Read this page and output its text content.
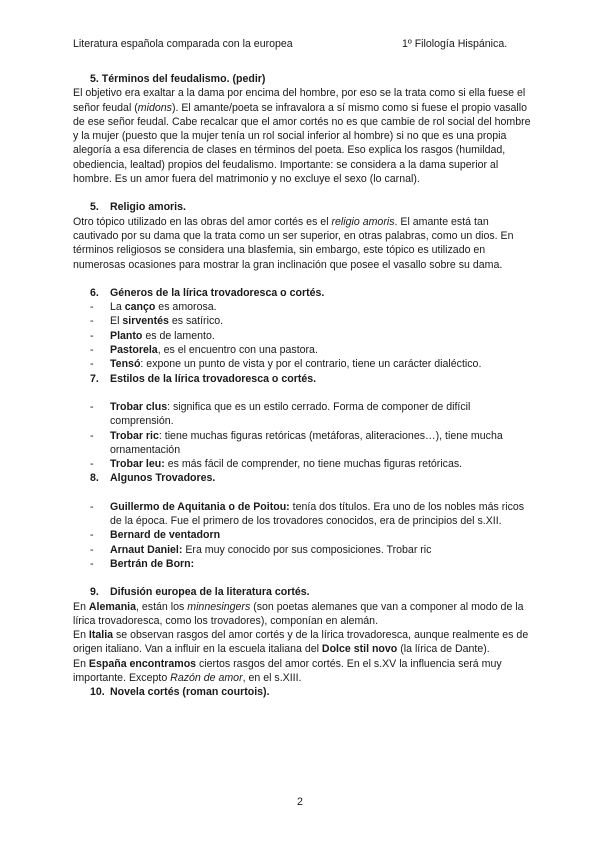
Literatura española comparada con la europea	1º Filología Hispánica.

5. Términos del feudalismo. (pedir)

El objetivo era exaltar a la dama por encima del hombre, por eso se la trata como si ella fuese el señor feudal (midons). El amante/poeta se infravalora a sí mismo como si fuese el propio vasallo de ese señor feudal. Cabe recalcar que el amor cortés no es que cambie de rol social del hombre y la mujer (puesto que la mujer tenía un rol social inferior al hombre) si no que es una propia alegoría a esa diferencia de clases en términos del poeta. Eso explica los rasgos (humildad, obediencia, lealtad) propios del feudalismo. Importante: se considera a la dama superior al hombre. Es un amor fuera del matrimonio y no excluye el sexo (lo carnal).

5. Religio amoris.

Otro tópico utilizado en las obras del amor cortés es el religio amoris. El amante está tan cautivado por su dama que la trata como un ser superior, en otras palabras, como un dios. En términos religiosos se considera una blasfemia, sin embargo, este tópico es utilizado en numerosas ocasiones para mostrar la gran inclinación que posee el vasallo sobre su dama.

6. Géneros de la lírica trovadoresca o cortés.

- La canço es amorosa.
- El sirventés es satírico.
- Planto es de lamento.
- Pastorela, es el encuentro con una pastora.
- Tensó: expone un punto de vista y por el contrario, tiene un carácter dialéctico.

7. Estilos de la lírica trovadoresca o cortés.

- Trobar clus: significa que es un estilo cerrado. Forma de componer de difícil comprensión.
- Trobar ric: tiene muchas figuras retóricas (metáforas, aliteraciones…), tiene mucha ornamentación
- Trobar leu: es más fácil de comprender, no tiene muchas figuras retóricas.

8. Algunos Trovadores.

- Guillermo de Aquitania o de Poitou: tenía dos títulos. Era uno de los nobles más ricos de la época. Fue el primero de los trovadores conocidos, era de principios del s.XII.
- Bernard de ventadorn
- Arnaut Daniel: Era muy conocido por sus composiciones. Trobar ric
- Bertrán de Born:

9. Difusión europea de la literatura cortés.

En Alemania, están los minnesingers (son poetas alemanes que van a componer al modo de la lírica trovadoresca, como los trovadores), componían en alemán.

En Italia se observan rasgos del amor cortés y de la lírica trovadoresca, aunque realmente es de origen italiano. Van a influir en la escuela italiana del Dolce stil novo (la lírica de Dante).

En España encontramos ciertos rasgos del amor cortés. En el s.XV la influencia será muy importante. Excepto Razón de amor, en el s.XIII.

10. Novela cortés (roman courtois).

2
